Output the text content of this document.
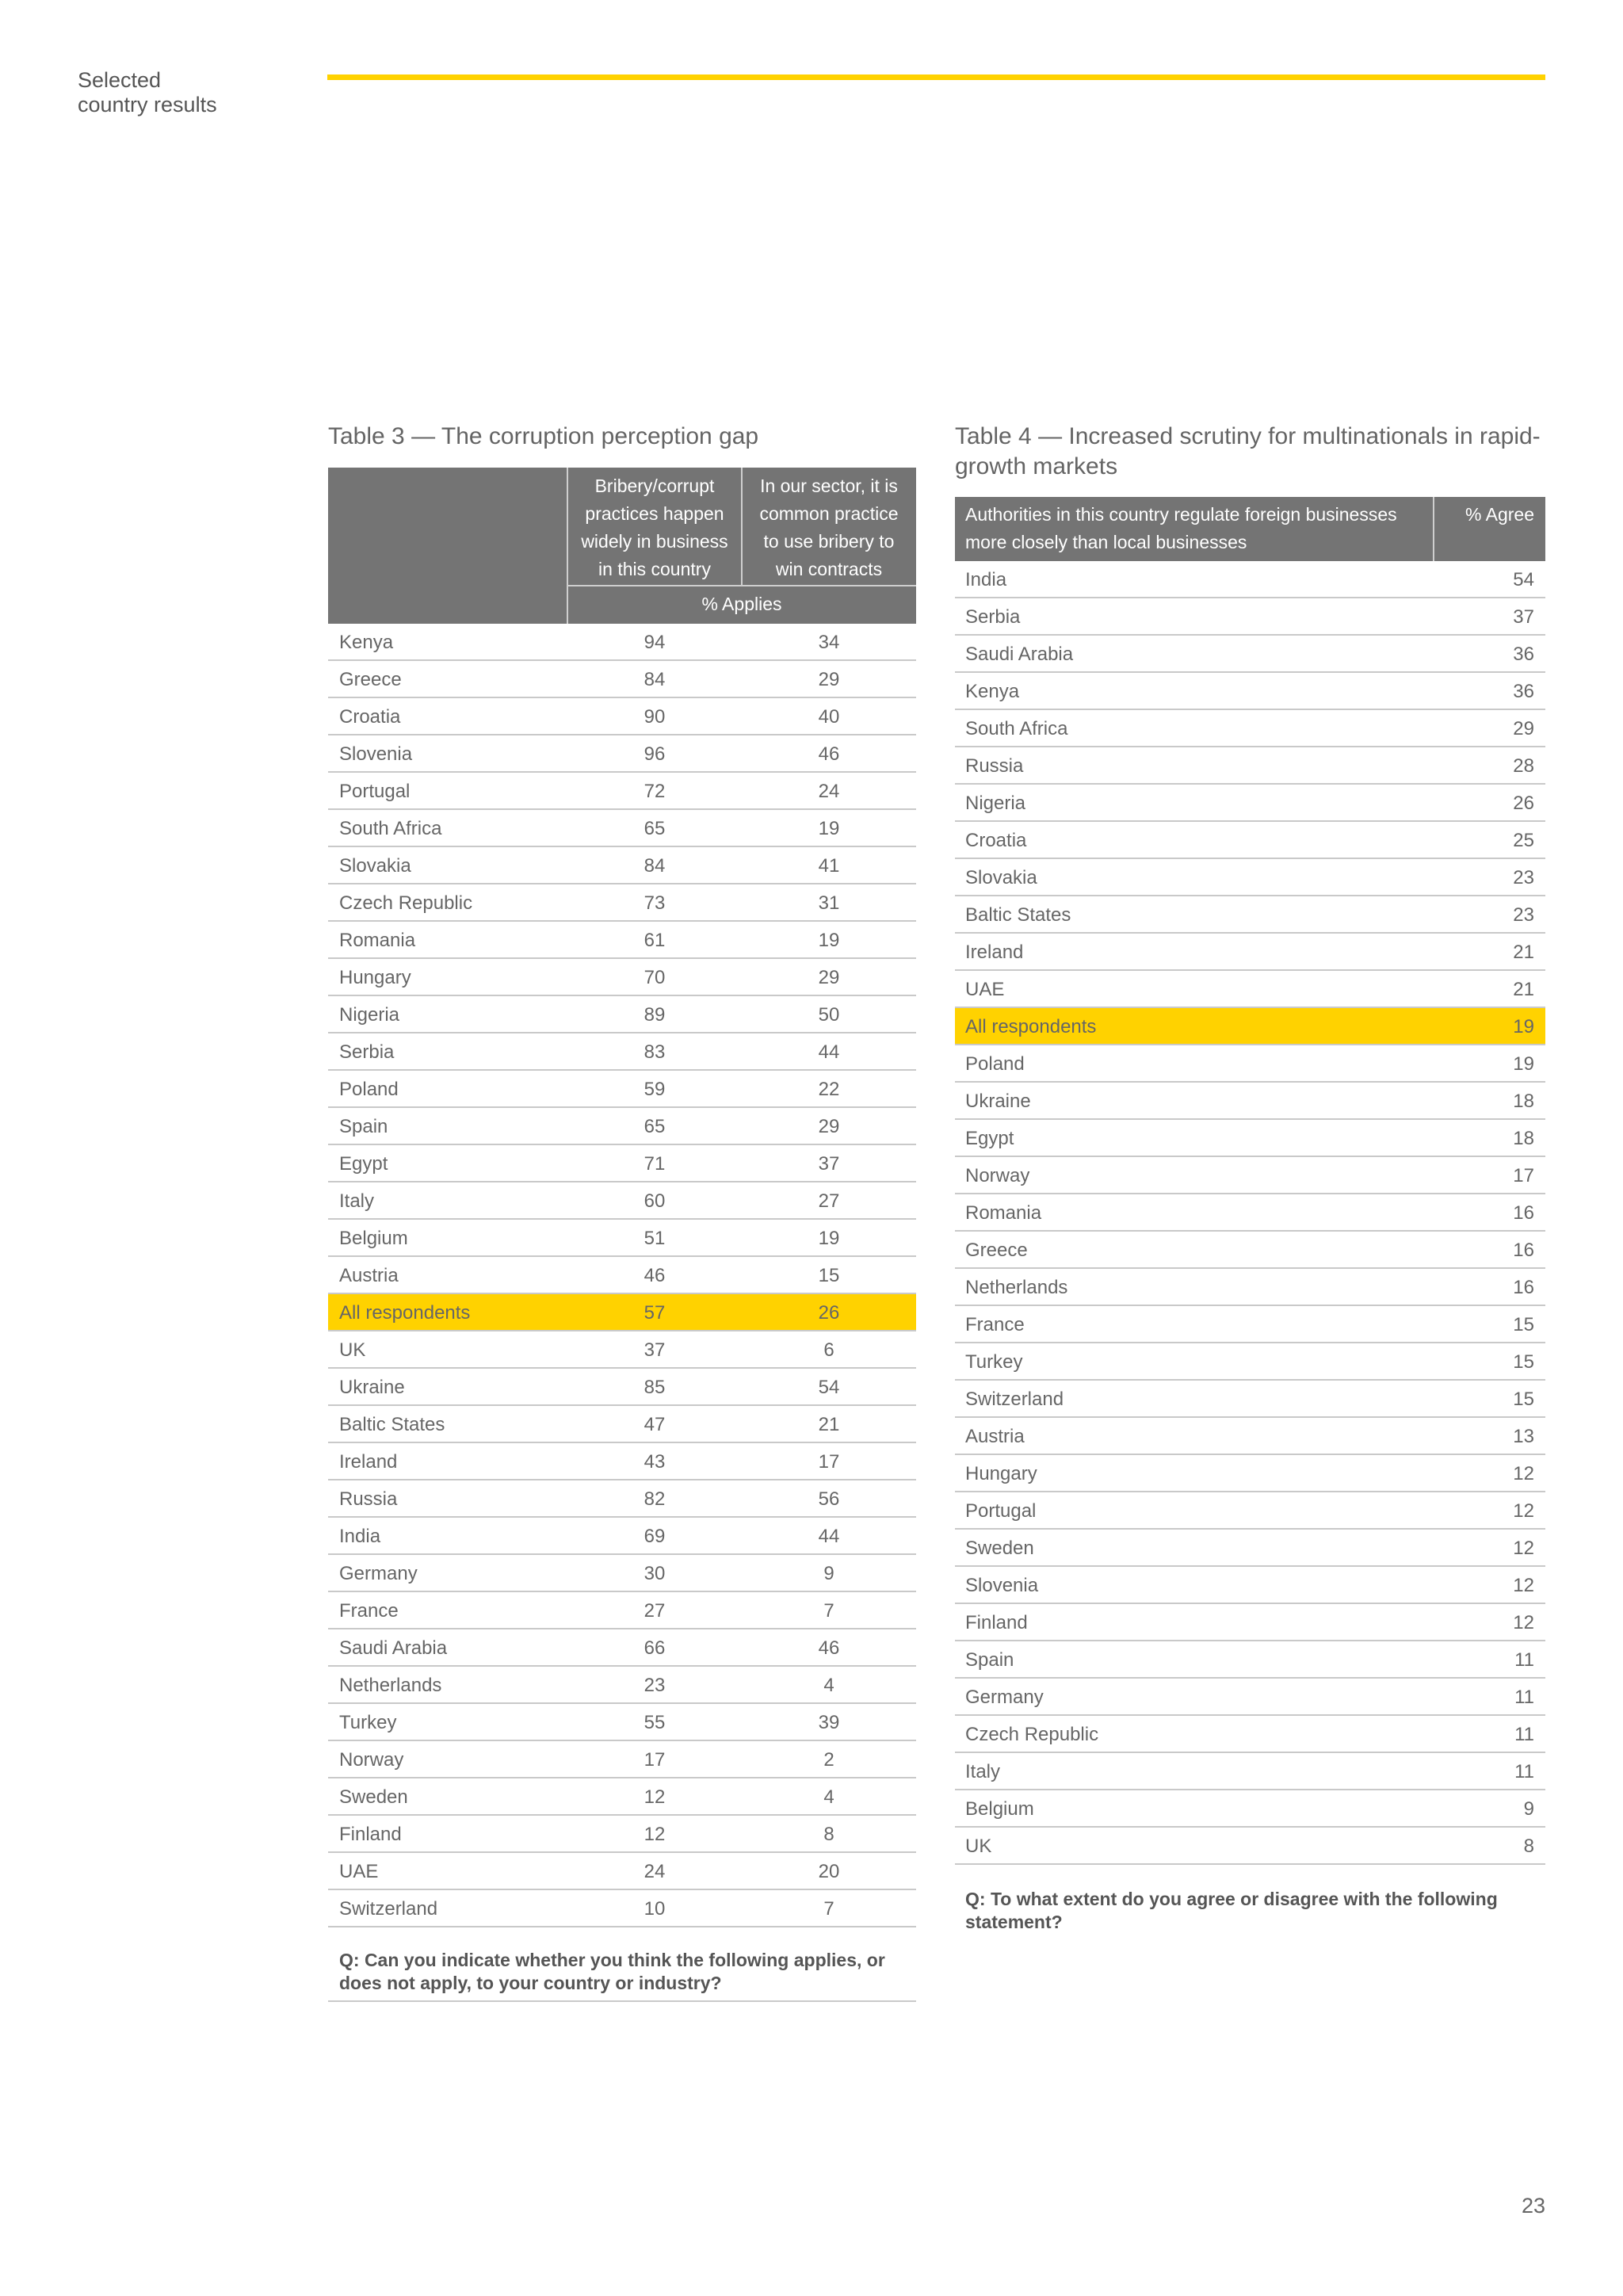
Selected
country results
Table 3 — The corruption perception gap
Bribery/corrupt practices happen widely in business in this country
In our sector, it is common practice to use bribery to win contracts
% Applies
Kenya	94	34
Greece	84	29
Croatia	90	40
Slovenia	96	46
Portugal	72	24
South Africa	65	19
Slovakia	84	41
Czech Republic	73	31
Romania	61	19
Hungary	70	29
Nigeria	89	50
Serbia	83	44
Poland	59	22
Spain	65	29
Egypt	71	37
Italy	60	27
Belgium	51	19
Austria	46	15
All respondents	57	26
UK	37	6
Ukraine	85	54
Baltic States	47	21
Ireland	43	17
Russia	82	56
India	69	44
Germany	30	9
France	27	7
Saudi Arabia	66	46
Netherlands	23	4
Turkey	55	39
Norway	17	2
Sweden	12	4
Finland	12	8
UAE	24	20
Switzerland	10	7
Q: Can you indicate whether you think the following applies, or does not apply, to your country or industry?
Table 4 — Increased scrutiny for multinationals in rapid-growth markets
Authorities in this country regulate foreign businesses more closely than local businesses
% Agree
India	54
Serbia	37
Saudi Arabia	36
Kenya	36
South Africa	29
Russia	28
Nigeria	26
Croatia	25
Slovakia	23
Baltic States	23
Ireland	21
UAE	21
All respondents	19
Poland	19
Ukraine	18
Egypt	18
Norway	17
Romania	16
Greece	16
Netherlands	16
France	15
Turkey	15
Switzerland	15
Austria	13
Hungary	12
Portugal	12
Sweden	12
Slovenia	12
Finland	12
Spain	11
Germany	11
Czech Republic	11
Italy	11
Belgium	9
UK	8
Q: To what extent do you agree or disagree with the following statement?
23
